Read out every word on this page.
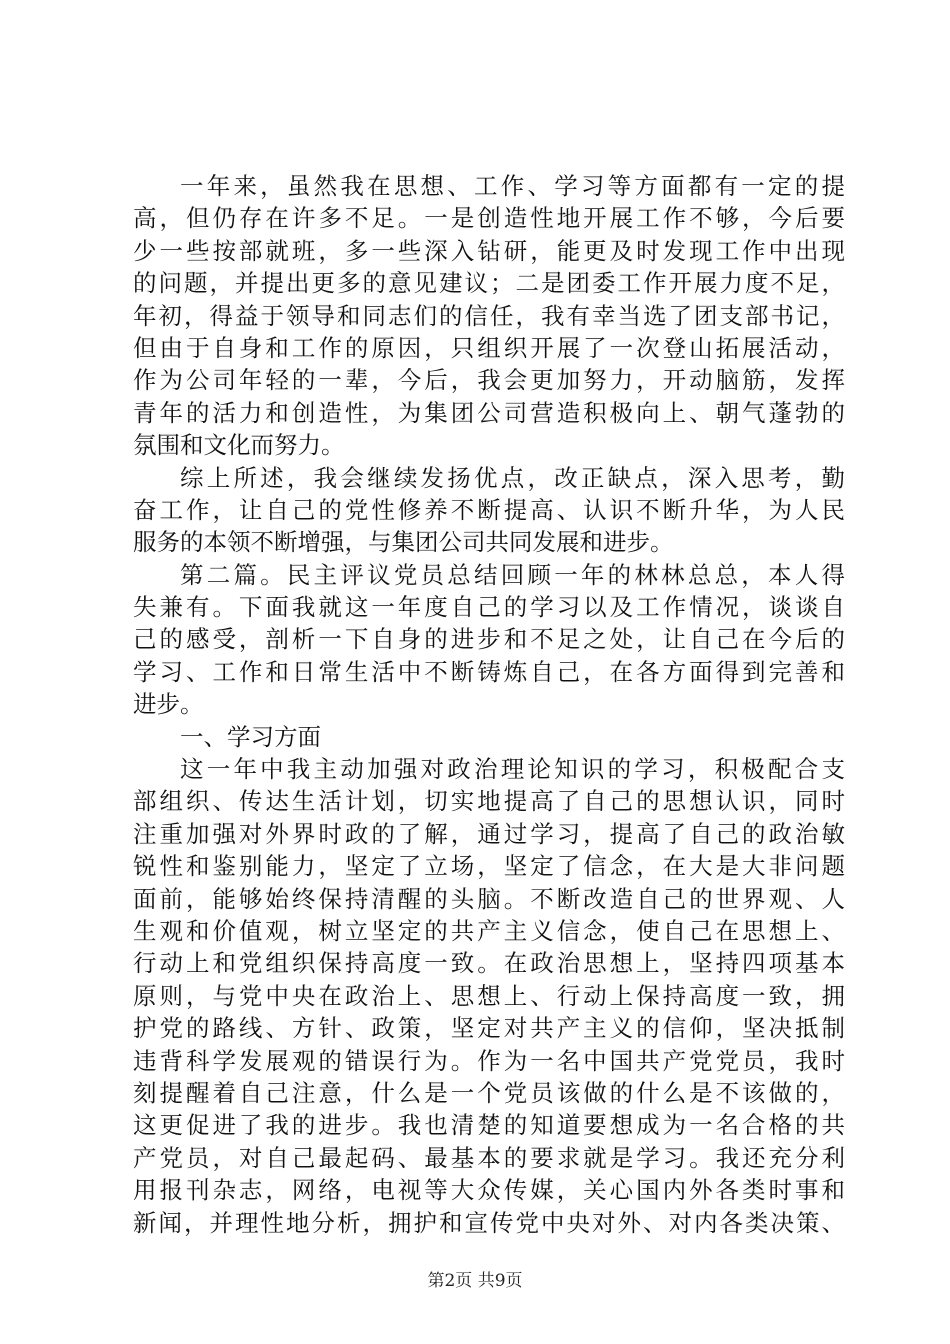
一年来，虽然我在思想、工作、学习等方面都有一定的提
高，但仍存在许多不足。一是创造性地开展工作不够，今后要
少一些按部就班，多一些深入钻研，能更及时发现工作中出现
的问题，并提出更多的意见建议；二是团委工作开展力度不足，
年初，得益于领导和同志们的信任，我有幸当选了团支部书记，
但由于自身和工作的原因，只组织开展了一次登山拓展活动，
作为公司年轻的一辈，今后，我会更加努力，开动脑筋，发挥
青年的活力和创造性，为集团公司营造积极向上、朝气蓬勃的
氛围和文化而努力。
综上所述，我会继续发扬优点，改正缺点，深入思考，勤
奋工作，让自己的党性修养不断提高、认识不断升华，为人民
服务的本领不断增强，与集团公司共同发展和进步。
第二篇。民主评议党员总结回顾一年的林林总总，本人得
失兼有。下面我就这一年度自己的学习以及工作情况，谈谈自
己的感受，剖析一下自身的进步和不足之处，让自己在今后的
学习、工作和日常生活中不断铸炼自己，在各方面得到完善和
进步。
一、学习方面
这一年中我主动加强对政治理论知识的学习，积极配合支
部组织、传达生活计划，切实地提高了自己的思想认识，同时
注重加强对外界时政的了解，通过学习，提高了自己的政治敏
锐性和鉴别能力，坚定了立场，坚定了信念，在大是大非问题
面前，能够始终保持清醒的头脑。不断改造自己的世界观、人
生观和价值观，树立坚定的共产主义信念，使自己在思想上、
行动上和党组织保持高度一致。在政治思想上，坚持四项基本
原则，与党中央在政治上、思想上、行动上保持高度一致，拥
护党的路线、方针、政策，坚定对共产主义的信仰，坚决抵制
违背科学发展观的错误行为。作为一名中国共产党党员，我时
刻提醒着自己注意，什么是一个党员该做的什么是不该做的，
这更促进了我的进步。我也清楚的知道要想成为一名合格的共
产党员，对自己最起码、最基本的要求就是学习。我还充分利
用报刊杂志，网络，电视等大众传媒，关心国内外各类时事和
新闻，并理性地分析，拥护和宣传党中央对外、对内各类决策、
第2页 共9页
